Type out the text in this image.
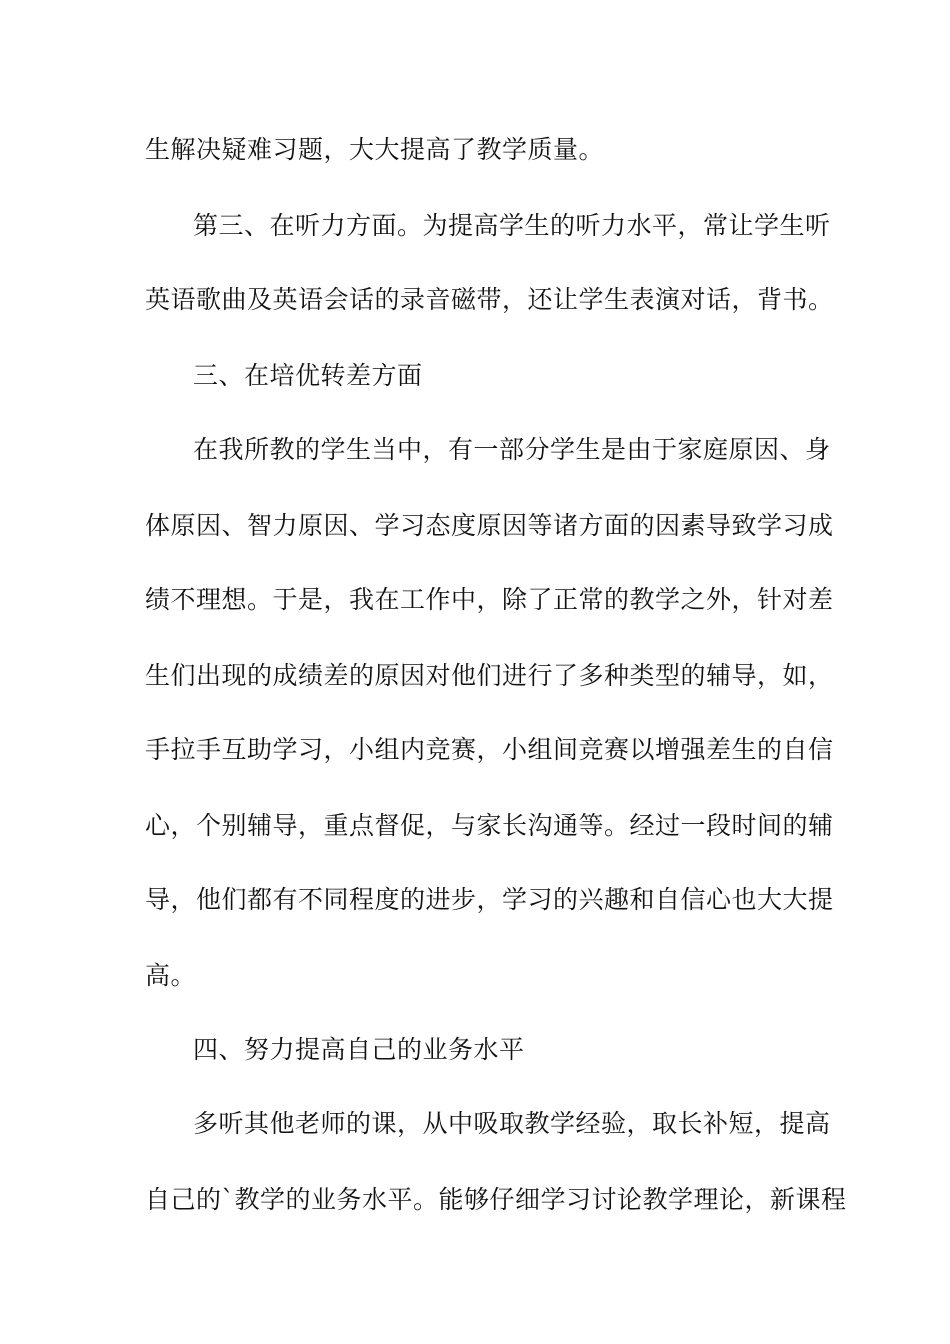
生解决疑难习题，大大提高了教学质量。
第三、在听力方面。为提高学生的听力水平，常让学生听
英语歌曲及英语会话的录音磁带，还让学生表演对话，背书。
三、在培优转差方面
在我所教的学生当中，有一部分学生是由于家庭原因、身
体原因、智力原因、学习态度原因等诸方面的因素导致学习成
绩不理想。于是，我在工作中，除了正常的教学之外，针对差
生们出现的成绩差的原因对他们进行了多种类型的辅导，如，
手拉手互助学习，小组内竞赛，小组间竞赛以增强差生的自信
心，个别辅导，重点督促，与家长沟通等。经过一段时间的辅
导，他们都有不同程度的进步，学习的兴趣和自信心也大大提
高。
四、努力提高自己的业务水平
多听其他老师的课，从中吸取教学经验，取长补短，提高
自己的`教学的业务水平。能够仔细学习讨论教学理论，新课程
